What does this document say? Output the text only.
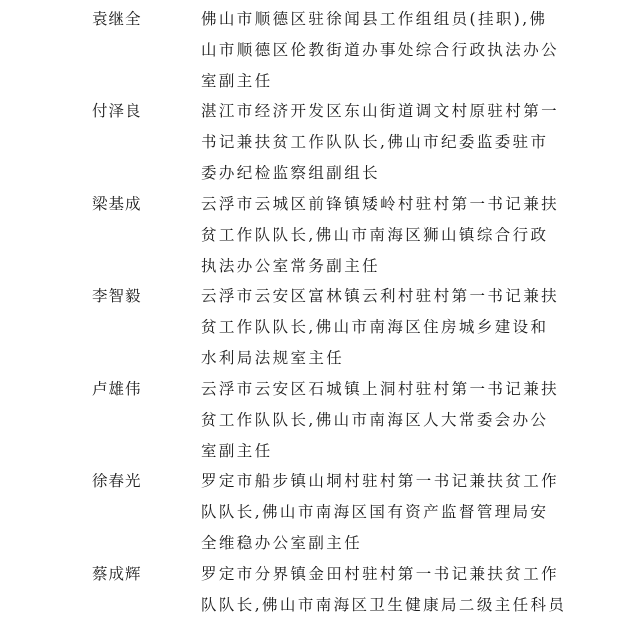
袁继全	佛山市顺德区驻徐闻县工作组组员(挂职),佛
山市顺德区伦教街道办事处综合行政执法办公
室副主任
付泽良	湛江市经济开发区东山街道调文村原驻村第一
书记兼扶贫工作队队长,佛山市纪委监委驻市
委办纪检监察组副组长
梁基成	云浮市云城区前锋镇矮岭村驻村第一书记兼扶
贫工作队队长,佛山市南海区狮山镇综合行政
执法办公室常务副主任
李智毅	云浮市云安区富林镇云利村驻村第一书记兼扶
贫工作队队长,佛山市南海区住房城乡建设和
水利局法规室主任
卢雄伟	云浮市云安区石城镇上洞村驻村第一书记兼扶
贫工作队队长,佛山市南海区人大常委会办公
室副主任
徐春光	罗定市船步镇山垌村驻村第一书记兼扶贫工作
队队长,佛山市南海区国有资产监督管理局安
全维稳办公室副主任
蔡成辉	罗定市分界镇金田村驻村第一书记兼扶贫工作
队队长,佛山市南海区卫生健康局二级主任科员
